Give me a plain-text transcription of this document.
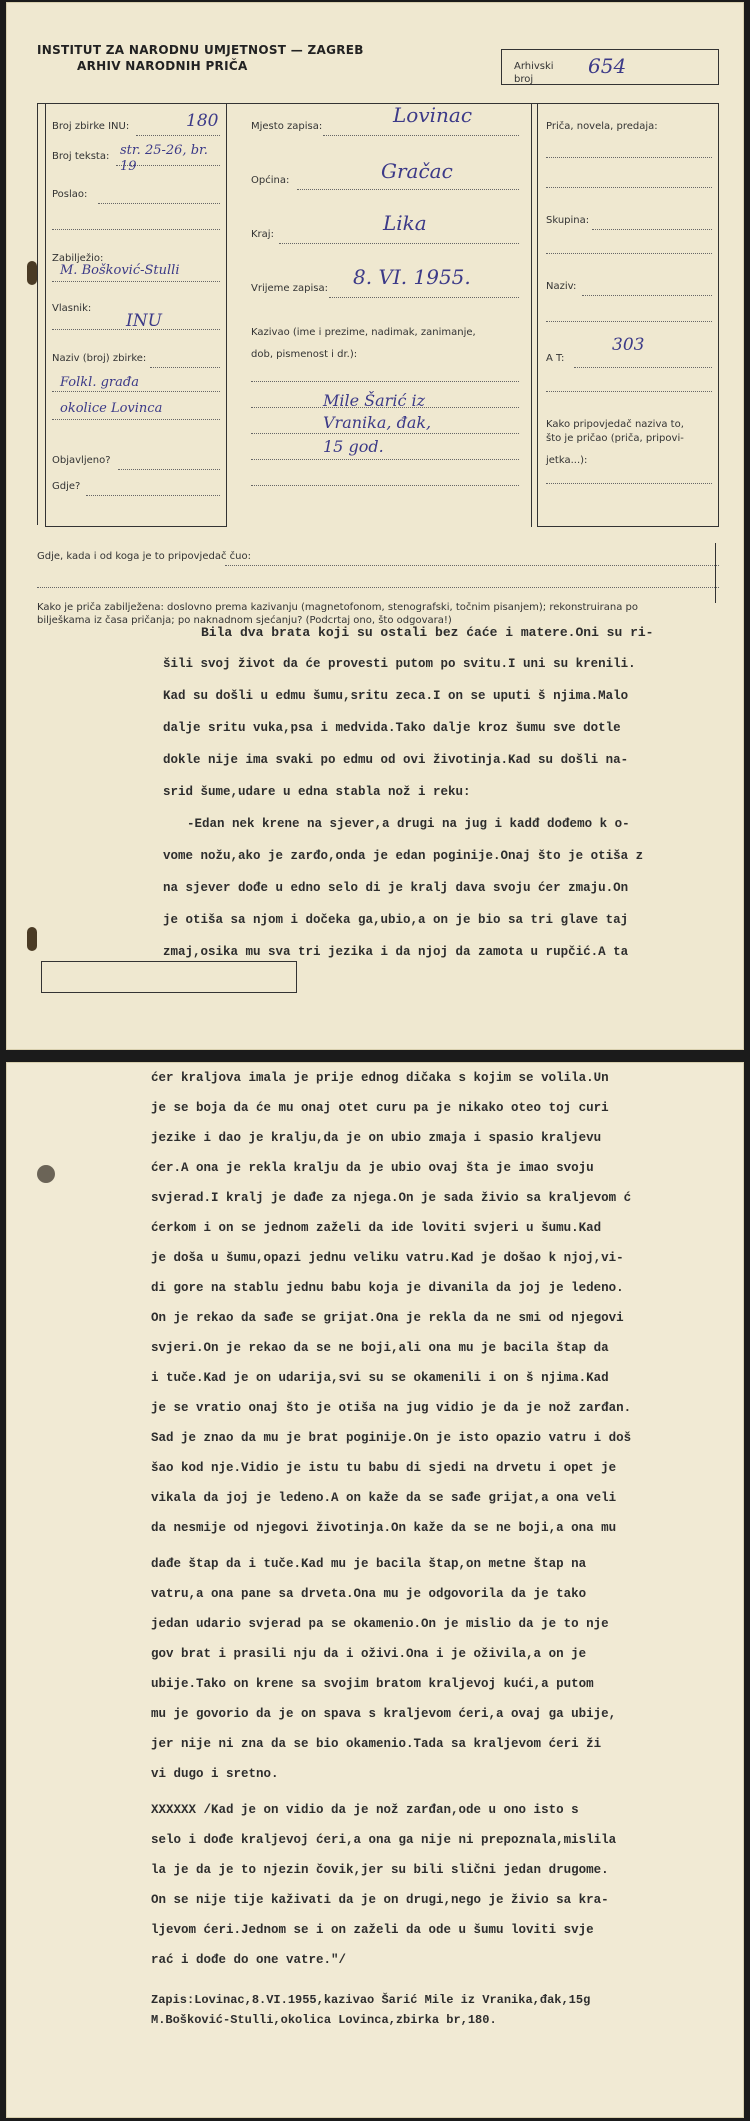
INSTITUT ZA NARODNU UMJETNOST — ZAGREB
ARHIV NARODNIH PRIČA	Arhivski broj
654
Broj zbirke INU:	180
Broj teksta: str. 25-26, br. 19
Poslao:
Zabilježio:
M. Bošković-Stulli
Vlasnik:
INU
Naziv (broj) zbirke:
Folkl. građa
okolice Lovinca
Objavljeno?
Gdje?
Mjesto zapisa:	Lovinac
Općina:	Gračac
Kraj:	Lika
Vrijeme zapisa: 8. VI. 1955.
Kazivao (ime i prezime, nadimak, zanimanje,
dob, pismenost i dr.):
Mile Šarić iz
Vranika, đak,
15 god.
Priča, novela, predaja:
Skupina:
Naziv:
A T:
303
Kako pripovjedač naziva to,
što je pričao (priča, pripovi-
jetka...):
Gdje, kada i od koga je to pripovjedač čuo:
Kako je priča zabilježena: doslovno prema kazivanju (magnetofonom, stenografski, točnim pisanjem); rekonstruirana po
bilješkama iz časa pričanja; po naknadnom sjećanju? (Podcrtaj ono, što odgovara!)
Bila dva brata koji su ostali bez ćaće i matere.Oni su ri-
šili svoj život da će provesti putom po svitu.I uni su krenili.
Kad su došli u edmu šumu,sritu zeca.I on se uputi š njima.Malo
dalje sritu vuka,psa i medvida.Tako dalje kroz šumu sve dotle
dokle nije ima svaki po edmu od ovi životinja.Kad su došli na-
srid šume,udare u edna stabla nož i reku:
-Edan nek krene na sjever,a drugi na jug i kadđ dođemo k o-
vome nožu,ako je zarđo,onda je edan poginije.Onaj što je otiša z
na sjever dođe u edno selo di je kralj dava svoju ćer zmaju.On
je otiša sa njom i dočeka ga,ubio,a on je bio sa tri glave taj
zmaj,osika mu sva tri jezika i da njoj da zamota u rupčić.A ta
ćer kraljova imala je prije ednog dičaka s kojim se volila.Un
je se boja da će mu onaj otet curu pa je nikako oteo toj curi
jezike i dao je kralju,da je on ubio zmaja i spasio kraljevu
ćer.A ona je rekla kralju da je ubio ovaj šta je imao svoju
svjerad.I kralj je dađe za njega.On je sada živio sa kraljevom ć
ćerkom i on se jednom zaželi da ide loviti svjeri u šumu.Kad
je doša u šumu,opazi jednu veliku vatru.Kad je došao k njoj,vi-
di gore na stablu jednu babu koja je divanila da joj je ledeno.
On je rekao da sađe se grijat.Ona je rekla da ne smi od njegovi
svjeri.On je rekao da se ne boji,ali ona mu je bacila štap da
i tuče.Kad je on udarija,svi su se okamenili i on š njima.Kad
je se vratio onaj što je otiša na jug vidio je da je nož zarđan.
Sad je znao da mu je brat poginije.On je isto opazio vatru i doš
šao kod nje.Vidio je istu tu babu di sjedi na drvetu i opet je
vikala da joj je ledeno.A on kaže da se sađe grijat,a ona veli
da nesmije od njegovi životinja.On kaže da se ne boji,a ona mu
dađe štap da i tuče.Kad mu je bacila štap,on metne štap na
vatru,a ona pane sa drveta.Ona mu je odgovorila da je tako
jedan udario svjerad pa se okamenio.On je mislio da je to nje
gov brat i prasili nju da i oživi.Ona i je oživila,a on je
ubije.Tako on krene sa svojim bratom kraljevoj kući,a putom
mu je govorio da je on spava s kraljevom ćeri,a ovaj ga ubije,
jer nije ni zna da se bio okamenio.Tada sa kraljevom ćeri ži
vi dugo i sretno.
XXXXXX /Kad je on vidio da je nož zarđan,ode u ono isto s
selo i dođe kraljevoj ćeri,a ona ga nije ni prepoznala,mislila
la je da je to njezin čovik,jer su bili slični jedan drugome.
On se nije tije kaživati da je on drugi,nego je živio sa kra-
ljevom ćeri.Jednom se i on zaželi da ode u šumu loviti svje
rać i dođe do one vatre."/
Zapis:Lovinac,8.VI.1955,kazivao Šarić Mile iz Vranika,đak,15g
M.Bošković-Stulli,okolica Lovinca,zbirka br,180.
